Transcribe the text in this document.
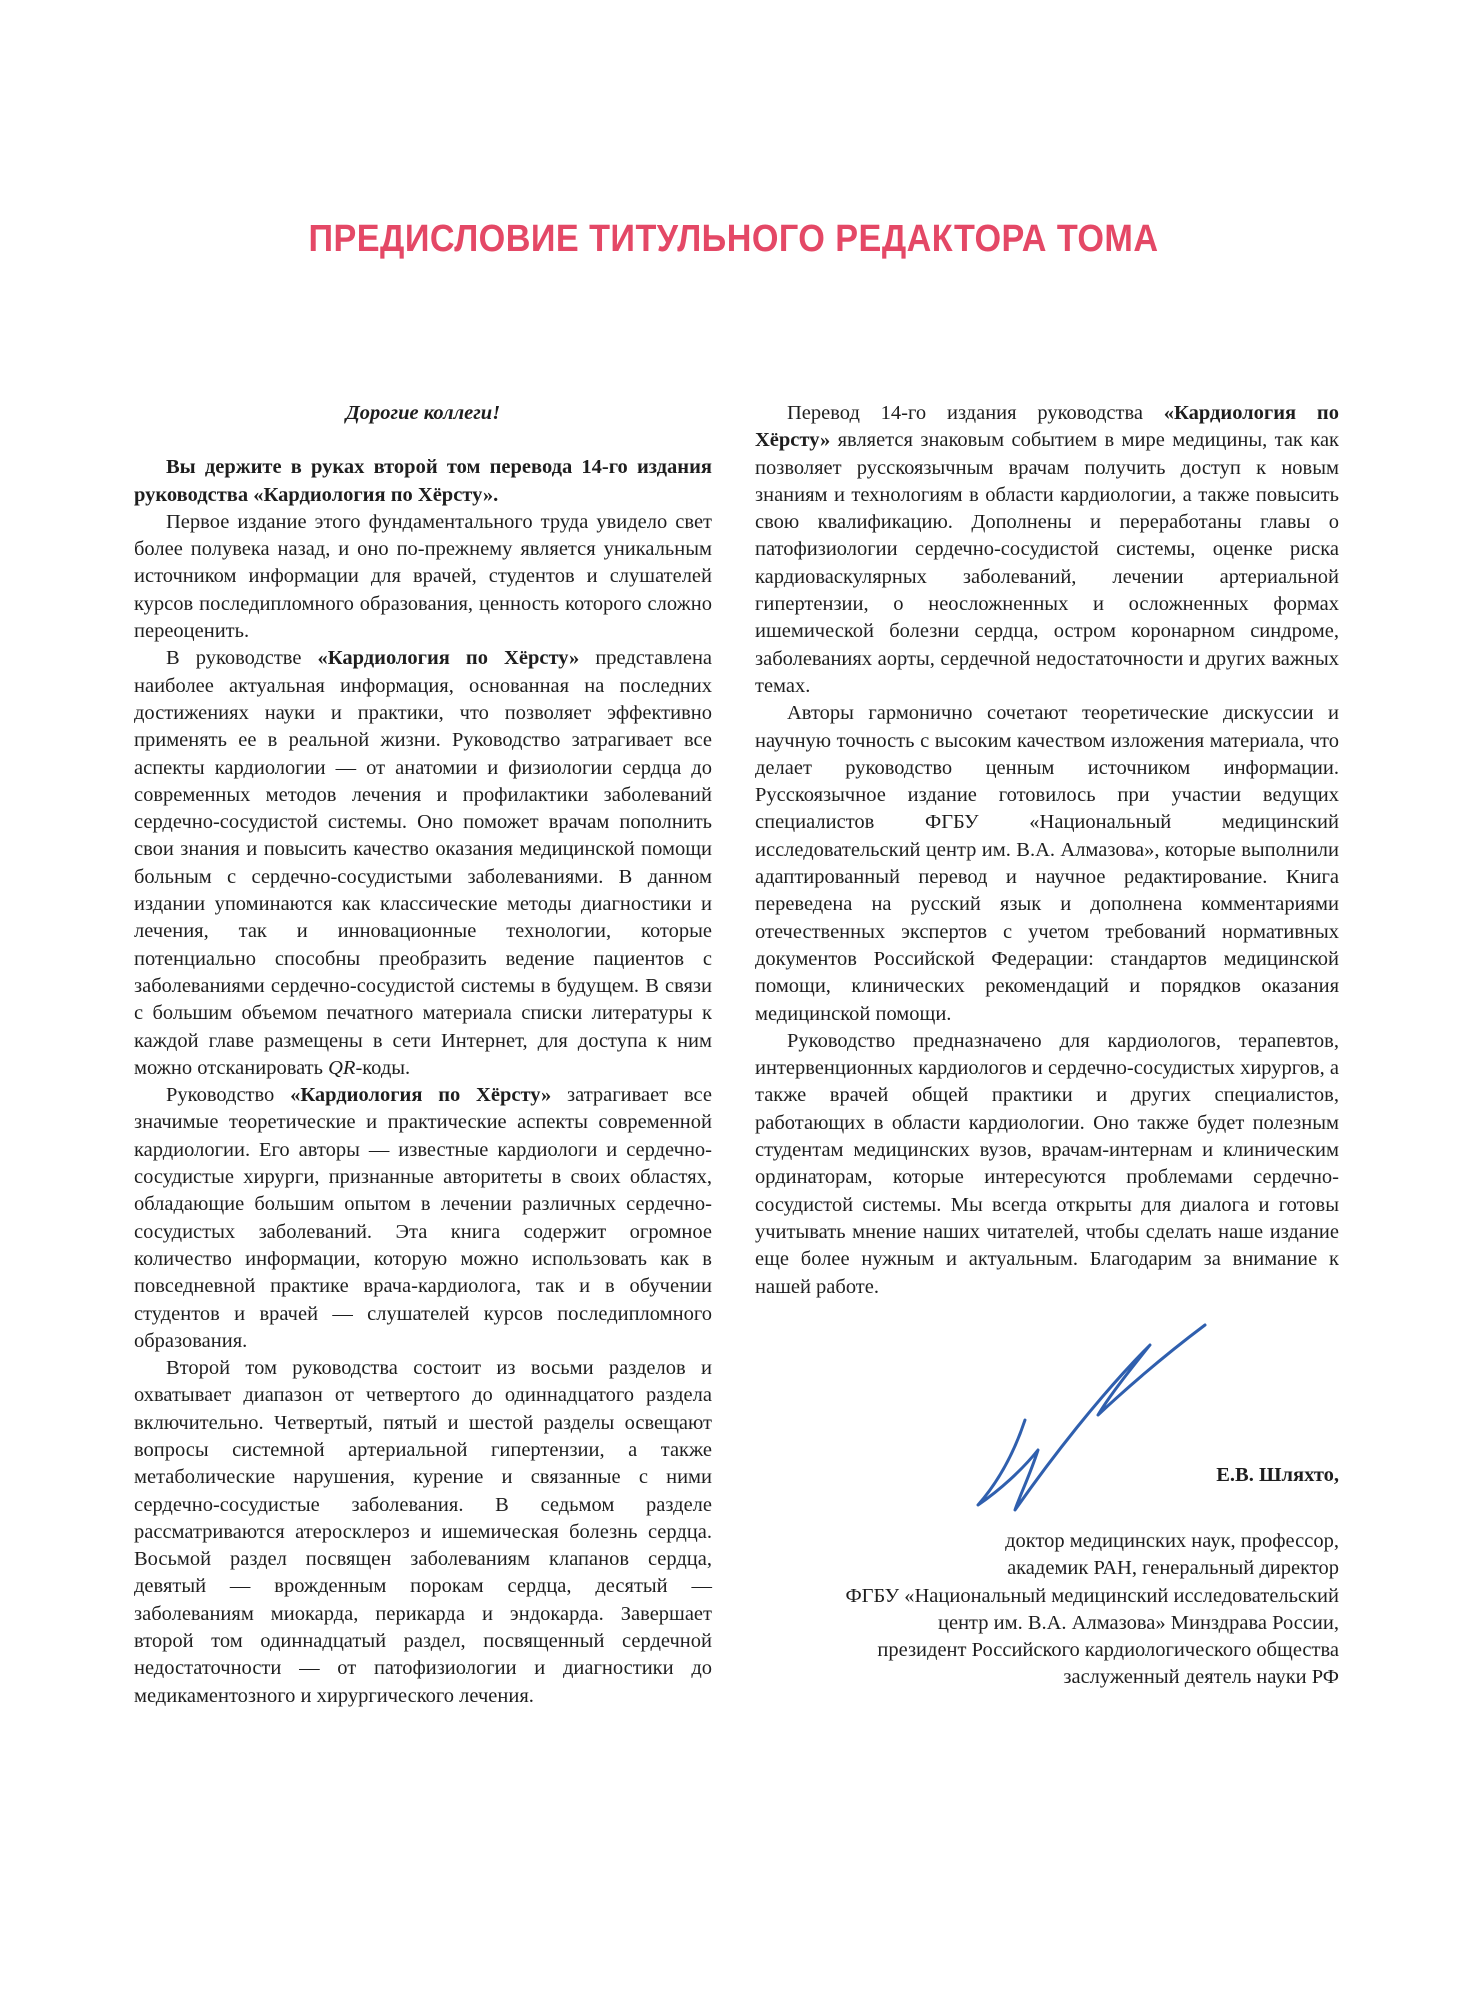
ПРЕДИСЛОВИЕ ТИТУЛЬНОГО РЕДАКТОРА ТОМА

Дорогие коллеги!

Вы держите в руках второй том перевода 14-го издания руководства «Кардиология по Хёрсту».

Первое издание этого фундаментального труда увидело свет более полувека назад, и оно по-прежнему является уникальным источником информации для врачей, студентов и слушателей курсов последипломного образования, ценность которого сложно переоценить.

В руководстве «Кардиология по Хёрсту» представлена наиболее актуальная информация, основанная на последних достижениях науки и практики, что позволяет эффективно применять ее в реальной жизни. Руководство затрагивает все аспекты кардиологии — от анатомии и физиологии сердца до современных методов лечения и профилактики заболеваний сердечно-сосудистой системы. Оно поможет врачам пополнить свои знания и повысить качество оказания медицинской помощи больным с сердечно-сосудистыми заболеваниями. В данном издании упоминаются как классические методы диагностики и лечения, так и инновационные технологии, которые потенциально способны преобразить ведение пациентов с заболеваниями сердечно-сосудистой системы в будущем. В связи с большим объемом печатного материала списки литературы к каждой главе размещены в сети Интернет, для доступа к ним можно отсканировать QR-коды.

Руководство «Кардиология по Хёрсту» затрагивает все значимые теоретические и практические аспекты современной кардиологии. Его авторы — известные кардиологи и сердечно-сосудистые хирурги, признанные авторитеты в своих областях, обладающие большим опытом в лечении различных сердечно-сосудистых заболеваний. Эта книга содержит огромное количество информации, которую можно использовать как в повседневной практике врача-кардиолога, так и в обучении студентов и врачей — слушателей курсов последипломного образования.

Второй том руководства состоит из восьми разделов и охватывает диапазон от четвертого до одиннадцатого раздела включительно. Четвертый, пятый и шестой разделы освещают вопросы системной артериальной гипертензии, а также метаболические нарушения, курение и связанные с ними сердечно-сосудистые заболевания. В седьмом разделе рассматриваются атеросклероз и ишемическая болезнь сердца. Восьмой раздел посвящен заболеваниям клапанов сердца, девятый — врожденным порокам сердца, десятый — заболеваниям миокарда, перикарда и эндокарда. Завершает второй том одиннадцатый раздел, посвященный сердечной недостаточности — от патофизиологии и диагностики до медикаментозного и хирургического лечения.

Перевод 14-го издания руководства «Кардиология по Хёрсту» является знаковым событием в мире медицины, так как позволяет русскоязычным врачам получить доступ к новым знаниям и технологиям в области кардиологии, а также повысить свою квалификацию. Дополнены и переработаны главы о патофизиологии сердечно-сосудистой системы, оценке риска кардиоваскулярных заболеваний, лечении артериальной гипертензии, о неосложненных и осложненных формах ишемической болезни сердца, остром коронарном синдроме, заболеваниях аорты, сердечной недостаточности и других важных темах.

Авторы гармонично сочетают теоретические дискуссии и научную точность с высоким качеством изложения материала, что делает руководство ценным источником информации. Русскоязычное издание готовилось при участии ведущих специалистов ФГБУ «Национальный медицинский исследовательский центр им. В.А. Алмазова», которые выполнили адаптированный перевод и научное редактирование. Книга переведена на русский язык и дополнена комментариями отечественных экспертов с учетом требований нормативных документов Российской Федерации: стандартов медицинской помощи, клинических рекомендаций и порядков оказания медицинской помощи.

Руководство предназначено для кардиологов, терапевтов, интервенционных кардиологов и сердечно-сосудистых хирургов, а также врачей общей практики и других специалистов, работающих в области кардиологии. Оно также будет полезным студентам медицинских вузов, врачам-интернам и клиническим ординаторам, которые интересуются проблемами сердечно-сосудистой системы. Мы всегда открыты для диалога и готовы учитывать мнение наших читателей, чтобы сделать наше издание еще более нужным и актуальным. Благодарим за внимание к нашей работе.

Е.В. Шляхто,
доктор медицинских наук, профессор,
академик РАН, генеральный директор
ФГБУ «Национальный медицинский исследовательский
центр им. В.А. Алмазова» Минздрава России,
президент Российского кардиологического общества
заслуженный деятель науки РФ
